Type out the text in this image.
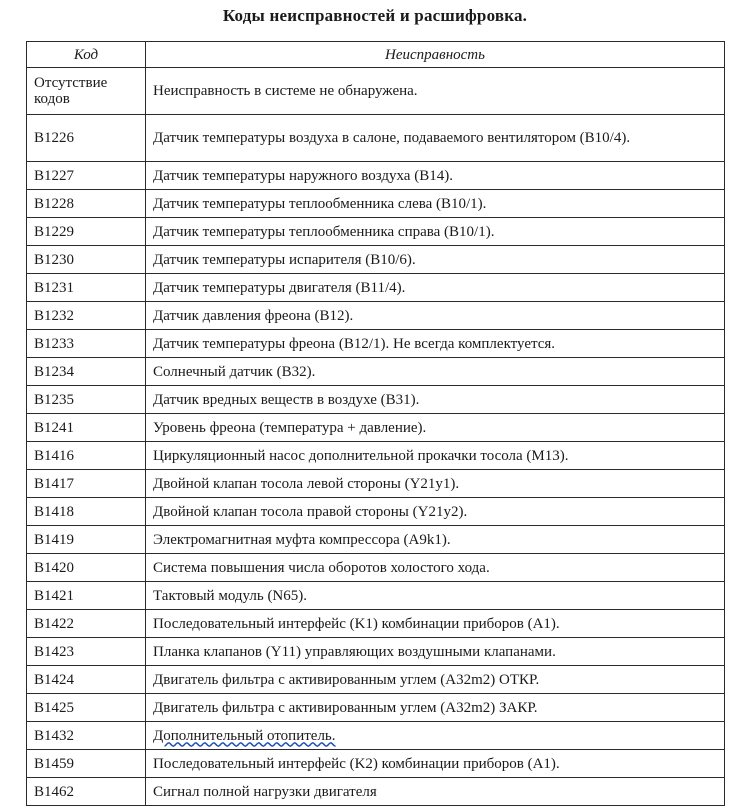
Коды неисправностей и расшифровка.
Код	Неисправность
Отсутствие кодов	Неисправность в системе не обнаружена.
B1226	Датчик температуры воздуха в салоне, подаваемого вентилятором (B10/4).
B1227	Датчик температуры наружного воздуха (B14).
B1228	Датчик температуры теплообменника слева (B10/1).
B1229	Датчик температуры теплообменника справа (B10/1).
B1230	Датчик температуры испарителя (B10/6).
B1231	Датчик температуры двигателя (B11/4).
B1232	Датчик давления фреона (B12).
B1233	Датчик температуры фреона (B12/1). Не всегда комплектуется.
B1234	Солнечный датчик (B32).
B1235	Датчик вредных веществ в воздухе (B31).
B1241	Уровень фреона (температура + давление).
B1416	Циркуляционный насос дополнительной прокачки тосола (M13).
B1417	Двойной клапан тосола левой стороны (Y21y1).
B1418	Двойной клапан тосола правой стороны (Y21y2).
B1419	Электромагнитная муфта компрессора (A9k1).
B1420	Система повышения числа оборотов холостого хода.
B1421	Тактовый модуль (N65).
B1422	Последовательный интерфейс (K1) комбинации приборов (A1).
B1423	Планка клапанов (Y11) управляющих воздушными клапанами.
B1424	Двигатель фильтра с активированным углем (A32m2) ОТКР.
B1425	Двигатель фильтра с активированным углем (A32m2) ЗАКР.
B1432	Дополнительный отопитель.
B1459	Последовательный интерфейс (K2) комбинации приборов (A1).
B1462	Сигнал полной нагрузки двигателя
